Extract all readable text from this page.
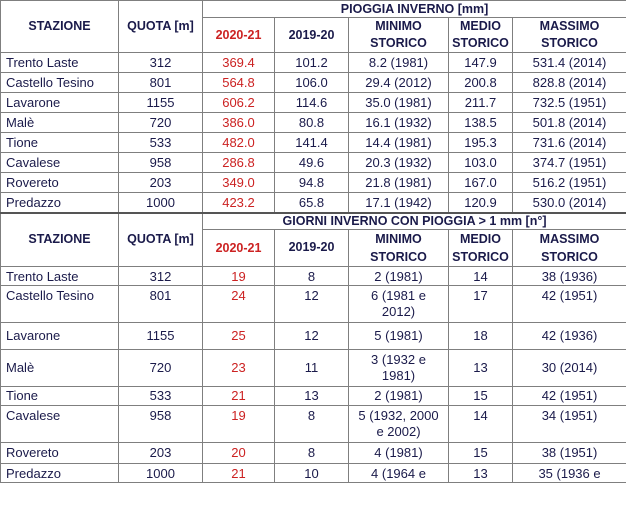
STAZIONE	QUOTA [m]	PIOGGIA INVERNO [mm]				
		2020-21	2019-20	MINIMO	MEDIO	MASSIMO
				STORICO	STORICO	STORICO
Trento Laste	312	369.4	101.2	8.2 (1981)	147.9	531.4 (2014)
Castello Tesino	801	564.8	106.0	29.4 (2012)	200.8	828.8 (2014)
Lavarone	1155	606.2	114.6	35.0 (1981)	211.7	732.5 (1951)
Malè	720	386.0	80.8	16.1 (1932)	138.5	501.8 (2014)
Tione	533	482.0	141.4	14.4 (1981)	195.3	731.6 (2014)
Cavalese	958	286.8	49.6	20.3 (1932)	103.0	374.7 (1951)
Rovereto	203	349.0	94.8	21.8 (1981)	167.0	516.2 (1951)
Predazzo	1000	423.2	65.8	17.1 (1942)	120.9	530.0 (2014)
STAZIONE	QUOTA [m]	GIORNI INVERNO CON PIOGGIA > 1 mm [n°]				
		2020-21	2019-20	MINIMO	MEDIO	MASSIMO
				STORICO	STORICO	STORICO
Trento Laste	312	19	8	2 (1981)	14	38 (1936)
Castello Tesino	801	24	12	6 (1981 e
2012)	17	42 (1951)
Lavarone	1155	25	12	5 (1981)	18	42 (1936)
Malè	720	23	11	3 (1932 e
1981)	13	30 (2014)
Tione	533	21	13	2 (1981)	15	42 (1951)
Cavalese	958	19	8	5 (1932, 2000
e 2002)	14	34 (1951)
Rovereto	203	20	8	4 (1981)	15	38 (1951)
Predazzo	1000	21	10	4 (1964 e	13	35 (1936 e
